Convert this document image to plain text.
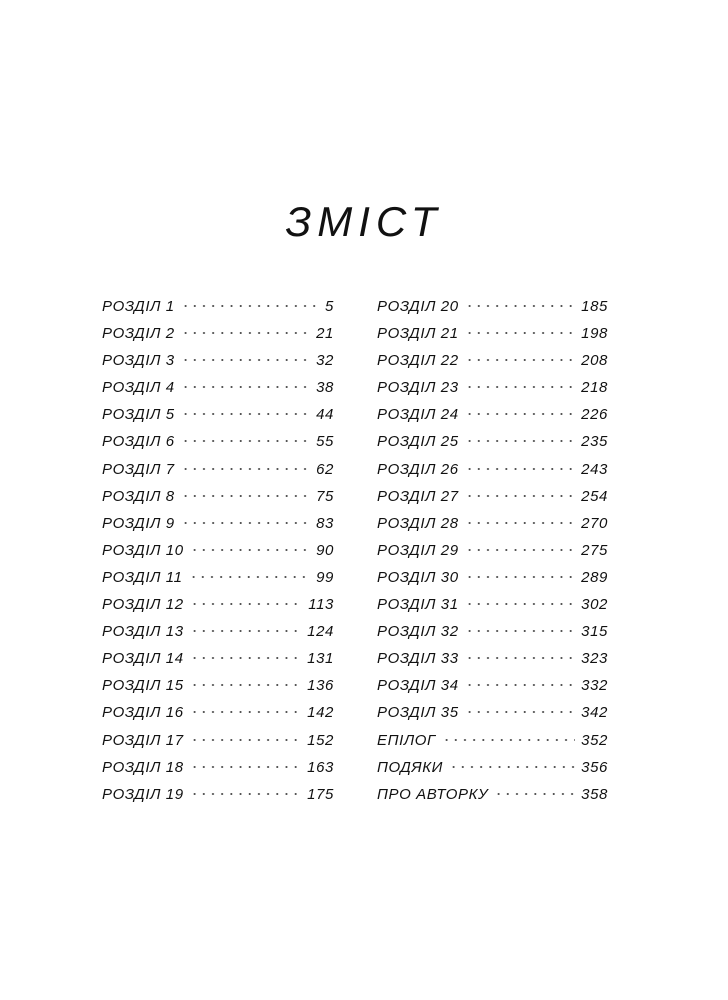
ЗМІСТ
РОЗДІЛ 1	5
РОЗДІЛ 2	21
РОЗДІЛ 3	32
РОЗДІЛ 4	38
РОЗДІЛ 5	44
РОЗДІЛ 6	55
РОЗДІЛ 7	62
РОЗДІЛ 8	75
РОЗДІЛ 9	83
РОЗДІЛ 10	90
РОЗДІЛ 11	99
РОЗДІЛ 12	113
РОЗДІЛ 13	124
РОЗДІЛ 14	131
РОЗДІЛ 15	136
РОЗДІЛ 16	142
РОЗДІЛ 17	152
РОЗДІЛ 18	163
РОЗДІЛ 19	175
РОЗДІЛ 20	185
РОЗДІЛ 21	198
РОЗДІЛ 22	208
РОЗДІЛ 23	218
РОЗДІЛ 24	226
РОЗДІЛ 25	235
РОЗДІЛ 26	243
РОЗДІЛ 27	254
РОЗДІЛ 28	270
РОЗДІЛ 29	275
РОЗДІЛ 30	289
РОЗДІЛ 31	302
РОЗДІЛ 32	315
РОЗДІЛ 33	323
РОЗДІЛ 34	332
РОЗДІЛ 35	342
ЕПІЛОГ	352
ПОДЯКИ	356
ПРО АВТОРКУ	358
